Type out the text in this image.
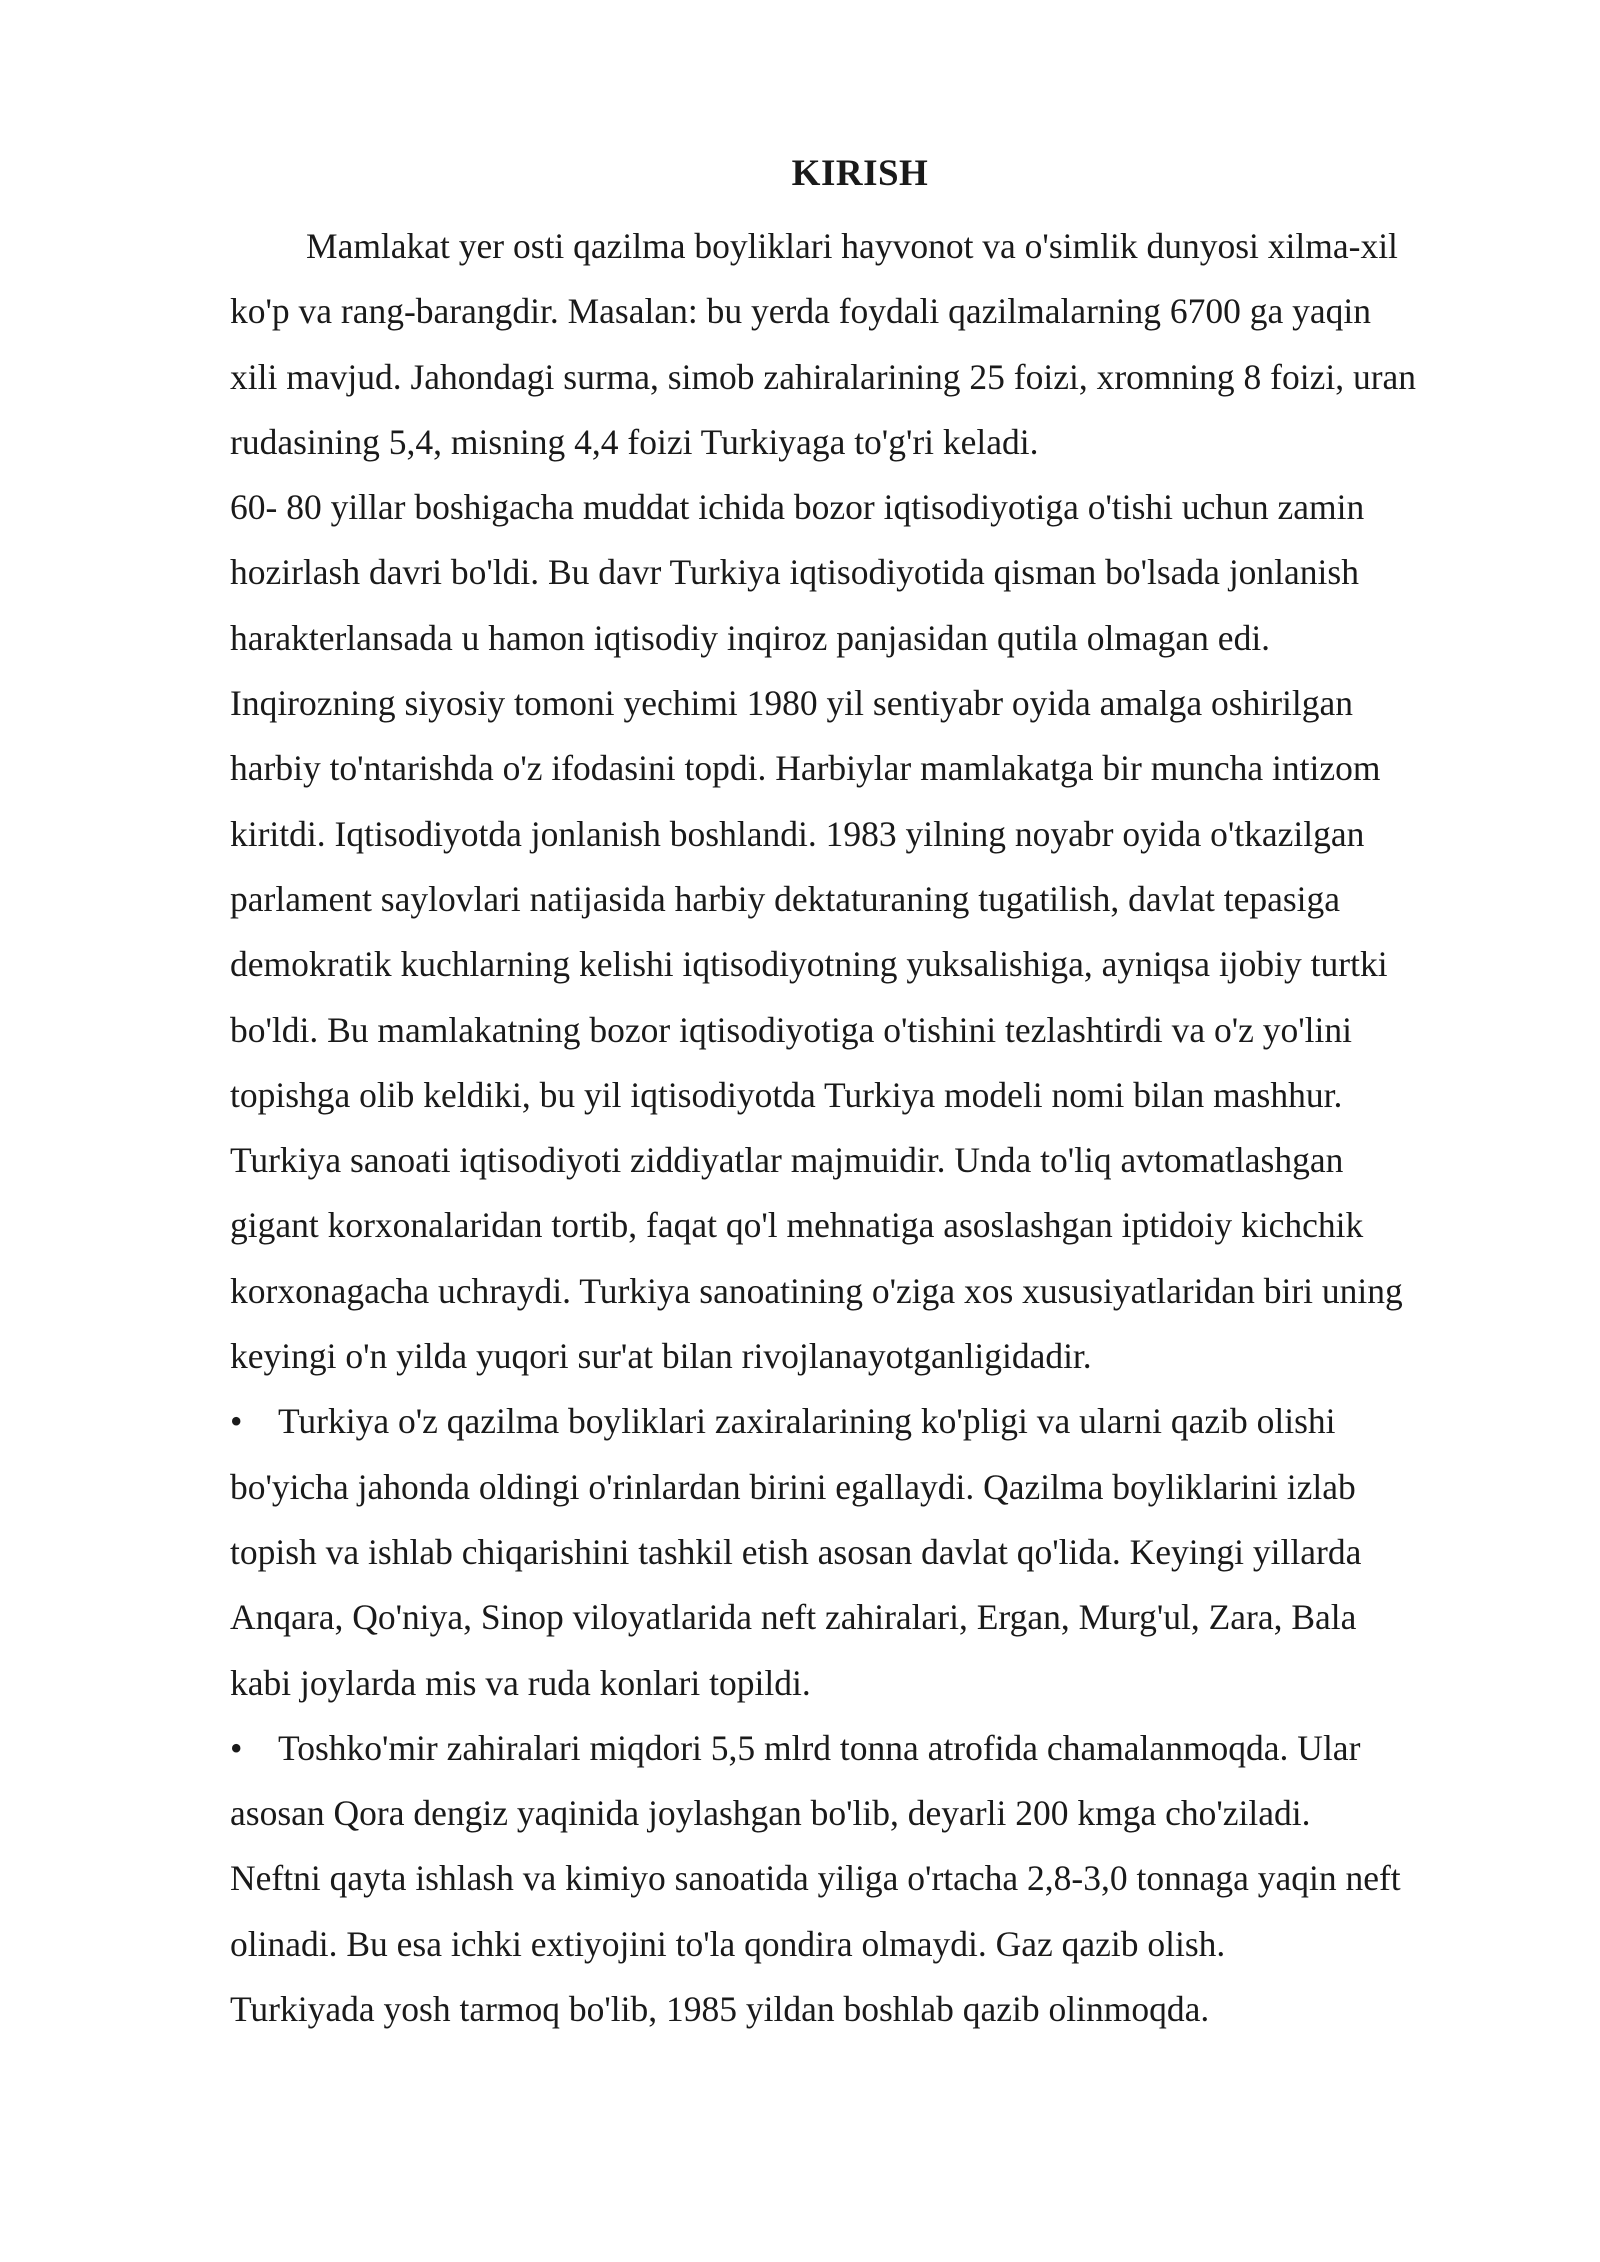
KIRISH
Mamlakat yer osti qazilma boyliklari hayvonot va o'simlik dunyosi xilma-xil
ko'p va rang-barangdir. Masalan: bu yerda foydali qazilmalarning 6700 ga yaqin
xili mavjud. Jahondagi surma, simob zahiralarining 25 foizi, xromning 8 foizi, uran
rudasining 5,4, misning 4,4 foizi Turkiyaga to'g'ri keladi.
60- 80 yillar boshigacha muddat ichida bozor iqtisodiyotiga o'tishi uchun zamin
hozirlash davri bo'ldi. Bu davr Turkiya iqtisodiyotida qisman bo'lsada jonlanish
harakterlansada u hamon iqtisodiy inqiroz panjasidan qutila olmagan edi.
Inqirozning siyosiy tomoni yechimi 1980 yil sentiyabr oyida amalga oshirilgan
harbiy to'ntarishda o'z ifodasini topdi. Harbiylar mamlakatga bir muncha intizom
kiritdi. Iqtisodiyotda jonlanish boshlandi. 1983 yilning noyabr oyida o'tkazilgan
parlament saylovlari natijasida harbiy dektaturaning tugatilish, davlat tepasiga
demokratik kuchlarning kelishi iqtisodiyotning yuksalishiga, ayniqsa ijobiy turtki
bo'ldi. Bu mamlakatning bozor iqtisodiyotiga o'tishini tezlashtirdi va o'z yo'lini
topishga olib keldiki, bu yil iqtisodiyotda Turkiya modeli nomi bilan mashhur.
Turkiya sanoati iqtisodiyoti ziddiyatlar majmuidir. Unda to'liq avtomatlashgan
gigant korxonalaridan tortib, faqat qo'l mehnatiga asoslashgan iptidoiy kichchik
korxonagacha uchraydi. Turkiya sanoatining o'ziga xos xususiyatlaridan biri uning
keyingi o'n yilda yuqori sur'at bilan rivojlanayotganligidadir.
• Turkiya o'z qazilma boyliklari zaxiralarining ko'pligi va ularni qazib olishi
bo'yicha jahonda oldingi o'rinlardan birini egallaydi. Qazilma boyliklarini izlab
topish va ishlab chiqarishini tashkil etish asosan davlat qo'lida. Keyingi yillarda
Anqara, Qo'niya, Sinop viloyatlarida neft zahiralari, Ergan, Murg'ul, Zara, Bala
kabi joylarda mis va ruda konlari topildi.
• Toshko'mir zahiralari miqdori 5,5 mlrd tonna atrofida chamalanmoqda. Ular
asosan Qora dengiz yaqinida joylashgan bo'lib, deyarli 200 kmga cho'ziladi.
Neftni qayta ishlash va kimiyo sanoatida yiliga o'rtacha 2,8-3,0 tonnaga yaqin neft
olinadi. Bu esa ichki extiyojini to'la qondira olmaydi. Gaz qazib olish.
Turkiyada yosh tarmoq bo'lib, 1985 yildan boshlab qazib olinmoqda.
